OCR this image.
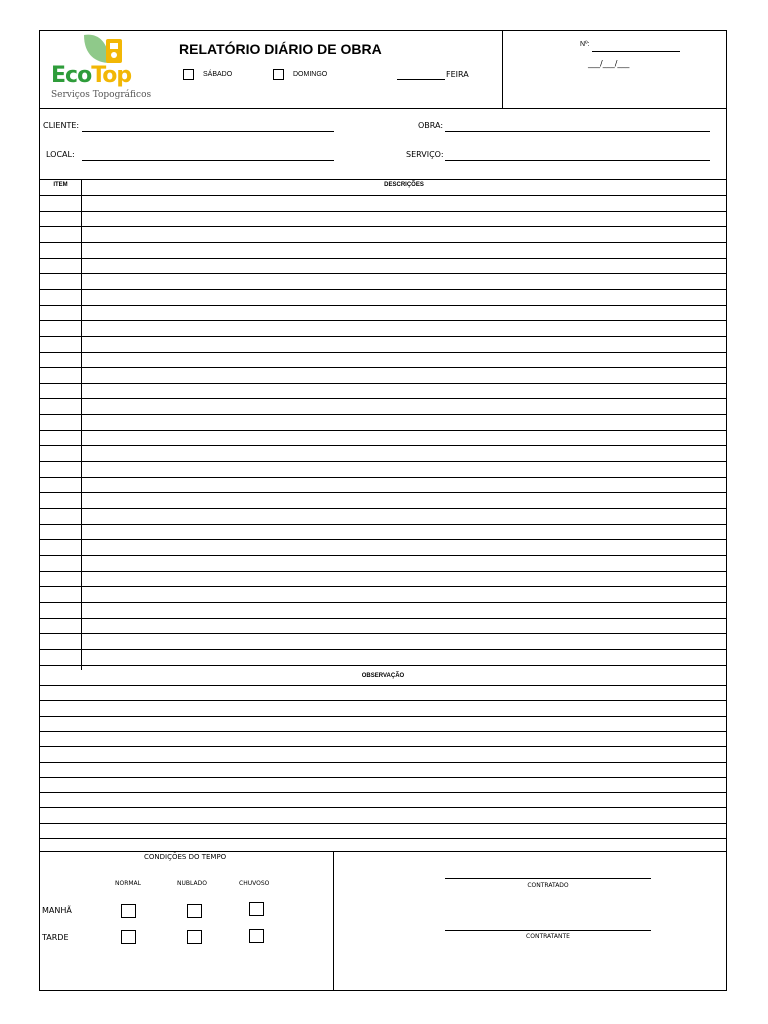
EcoTop
Serviços Topográficos
RELATÓRIO DIÁRIO DE OBRA
SÁBADO	DOMINGO	FEIRA
Nº:
___/___/___
CLIENTE:	OBRA:
LOCAL:	SERVIÇO:
ITEM	DESCRIÇÕES
OBSERVAÇÃO
CONDIÇÕES DO TEMPO
NORMAL	NUBLADO	CHUVOSO
MANHÃ
TARDE
CONTRATADO
CONTRATANTE
